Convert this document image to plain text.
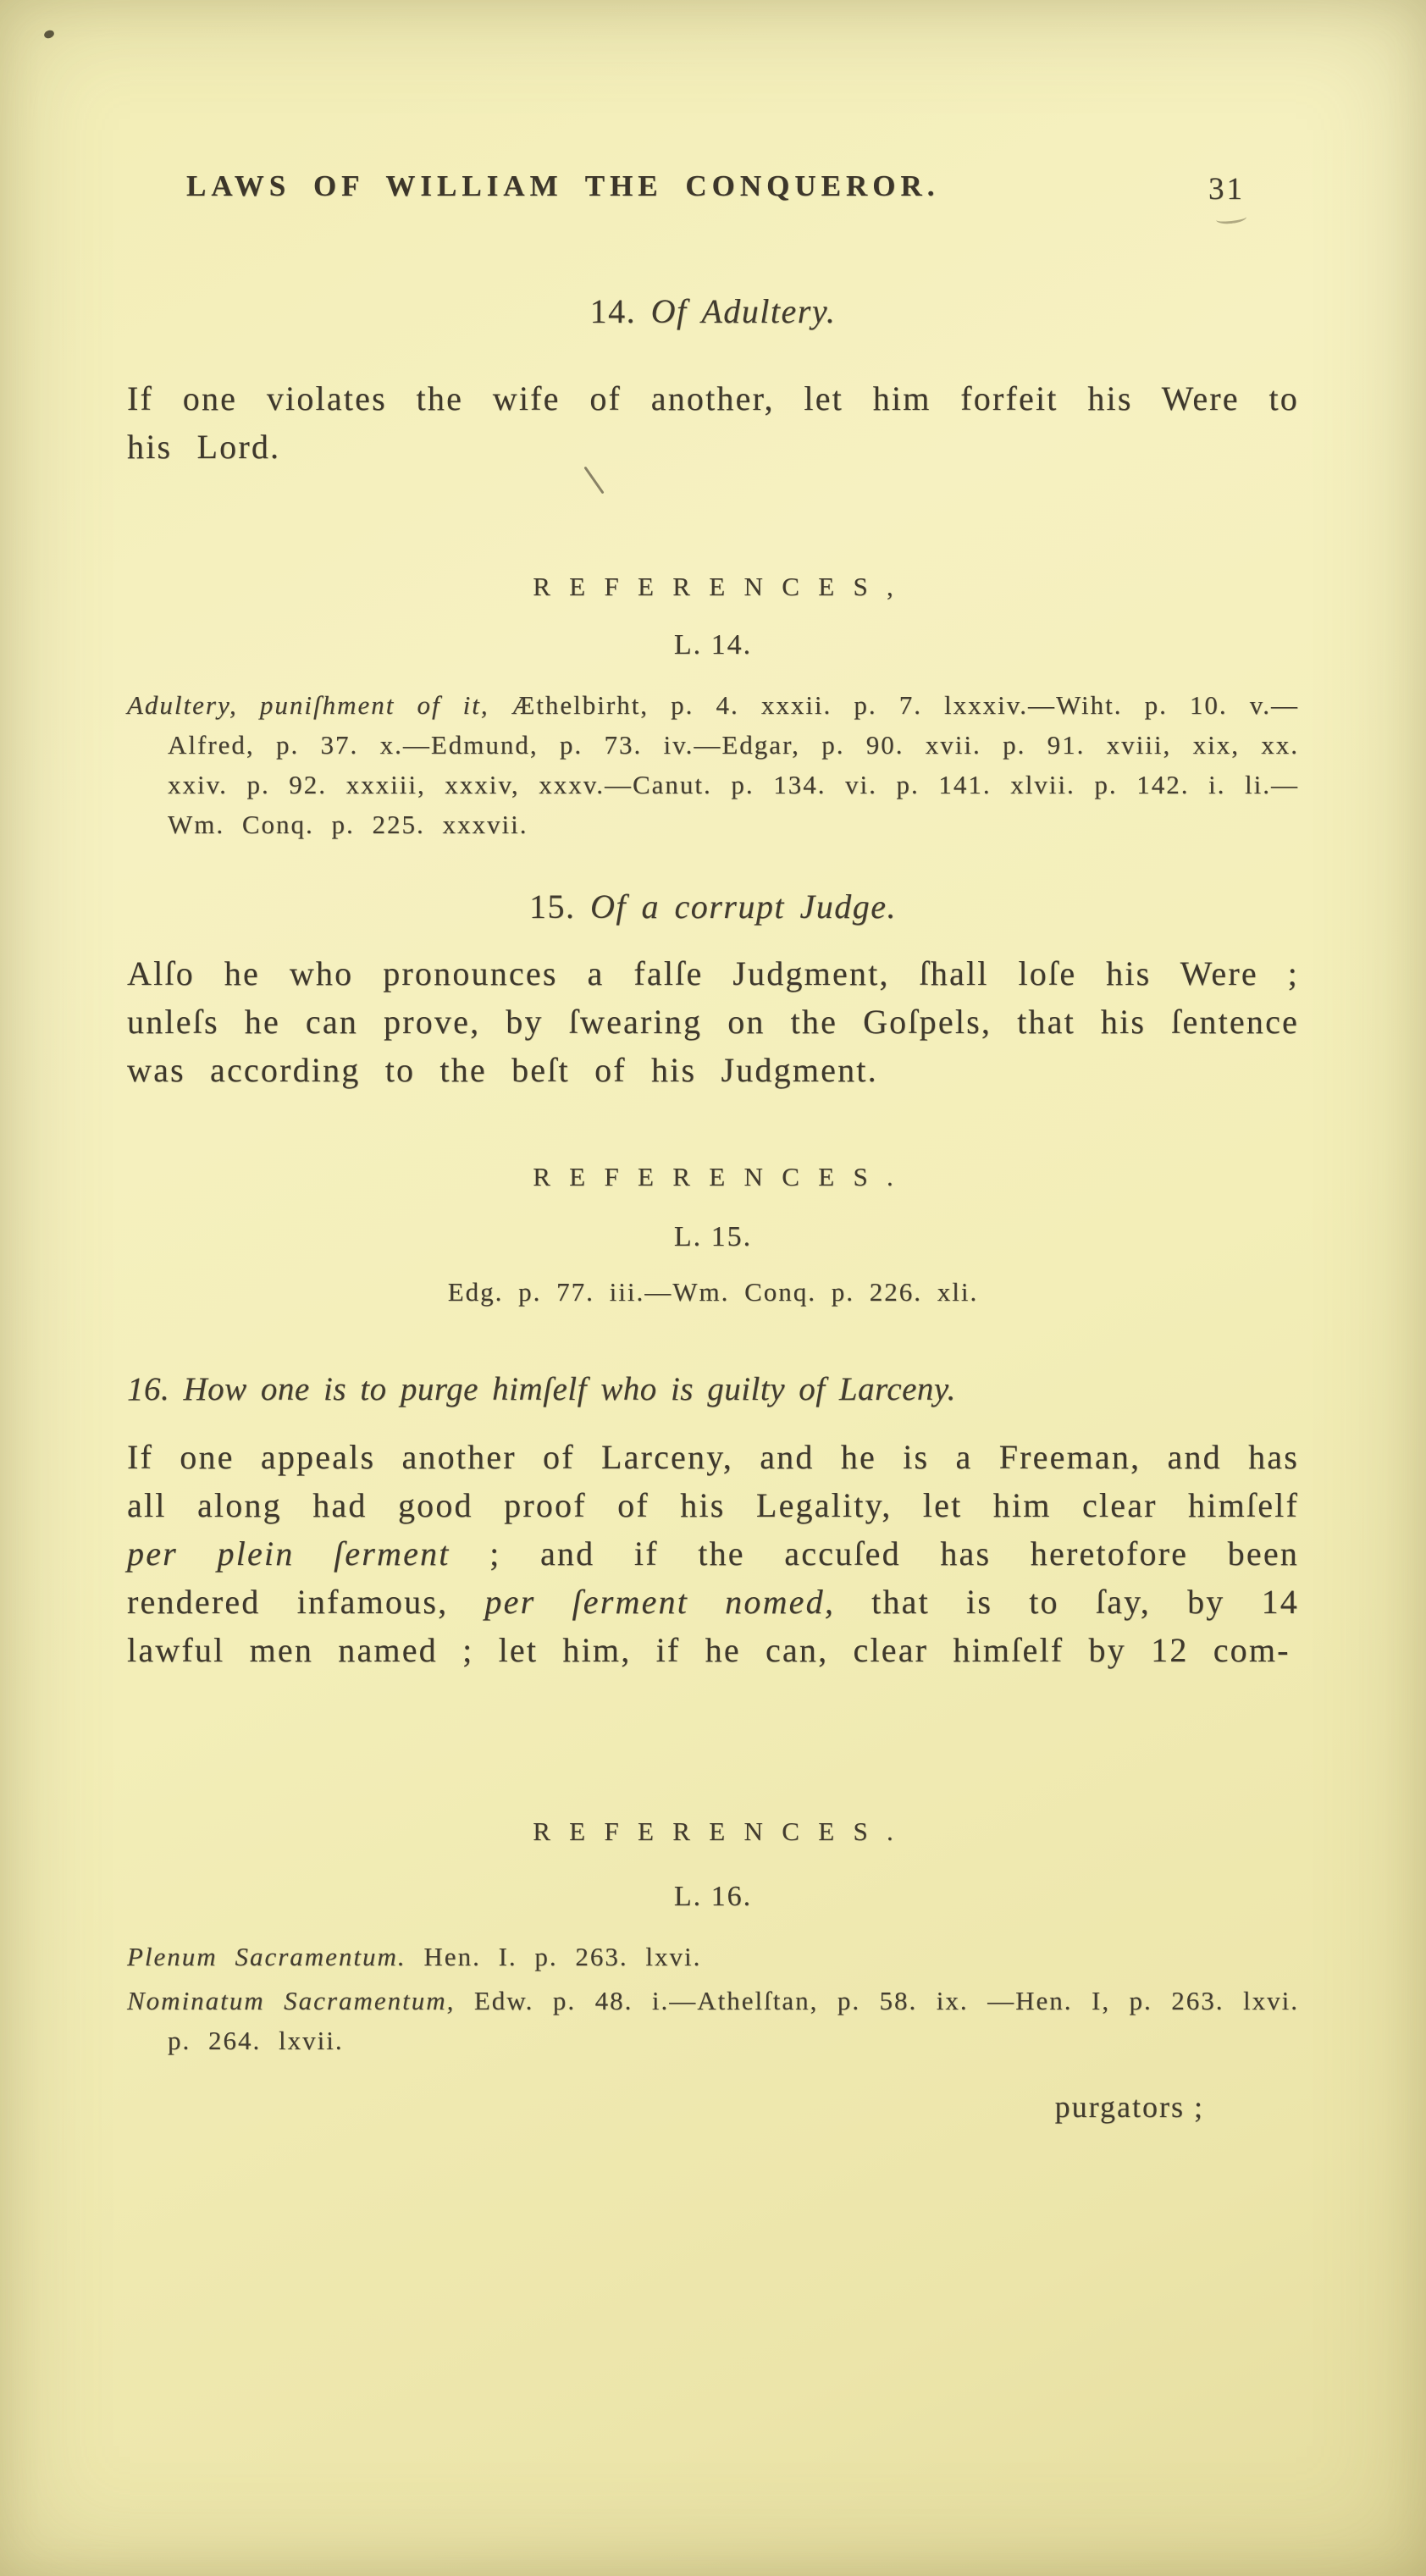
LAWS OF WILLIAM THE CONQUEROR.	31
14. Of Adultery.

If one violates the wife of another, let him forfeit his Were to his Lord.

REFERENCES,
L. 14.

Adultery, puniſhment of it, Æthelbirht, p. 4. xxxii. p. 7. lxxxiv.—Wiht. p. 10. v.—Alfred, p. 37. x.—Edmund, p. 73. iv.—Edgar, p. 90. xvii. p. 91. xviii, xix, xx. xxiv. p. 92. xxxiii, xxxiv, xxxv.—Canut. p. 134. vi. p. 141. xlvii. p. 142. i. li.—Wm. Conq. p. 225. xxxvii.

15. Of a corrupt Judge.

Alſo he who pronounces a falſe Judgment, ſhall loſe his Were ; unleſs he can prove, by ſwearing on the Goſpels, that his ſentence was according to the beſt of his Judgment.

REFERENCES.
L. 15.
Edg. p. 77. iii.—Wm. Conq. p. 226. xli.
16. How one is to purge himſelf who is guilty of Larceny.

If one appeals another of Larceny, and he is a Freeman, and has all along had good proof of his Legality, let him clear himſelf per plein ſerment ; and if the accuſed has heretofore been rendered infamous, per ſerment nomed, that is to ſay, by 14 lawful men named ; let him, if he can, clear himſelf by 12 com-

REFERENCES.
L. 16.

Plenum Sacramentum. Hen. I. p. 263. lxvi.

Nominatum Sacramentum, Edw. p. 48. i.—Athelſtan, p. 58. ix. —Hen. I, p. 263. lxvi. p. 264. lxvii.

purgators ;
